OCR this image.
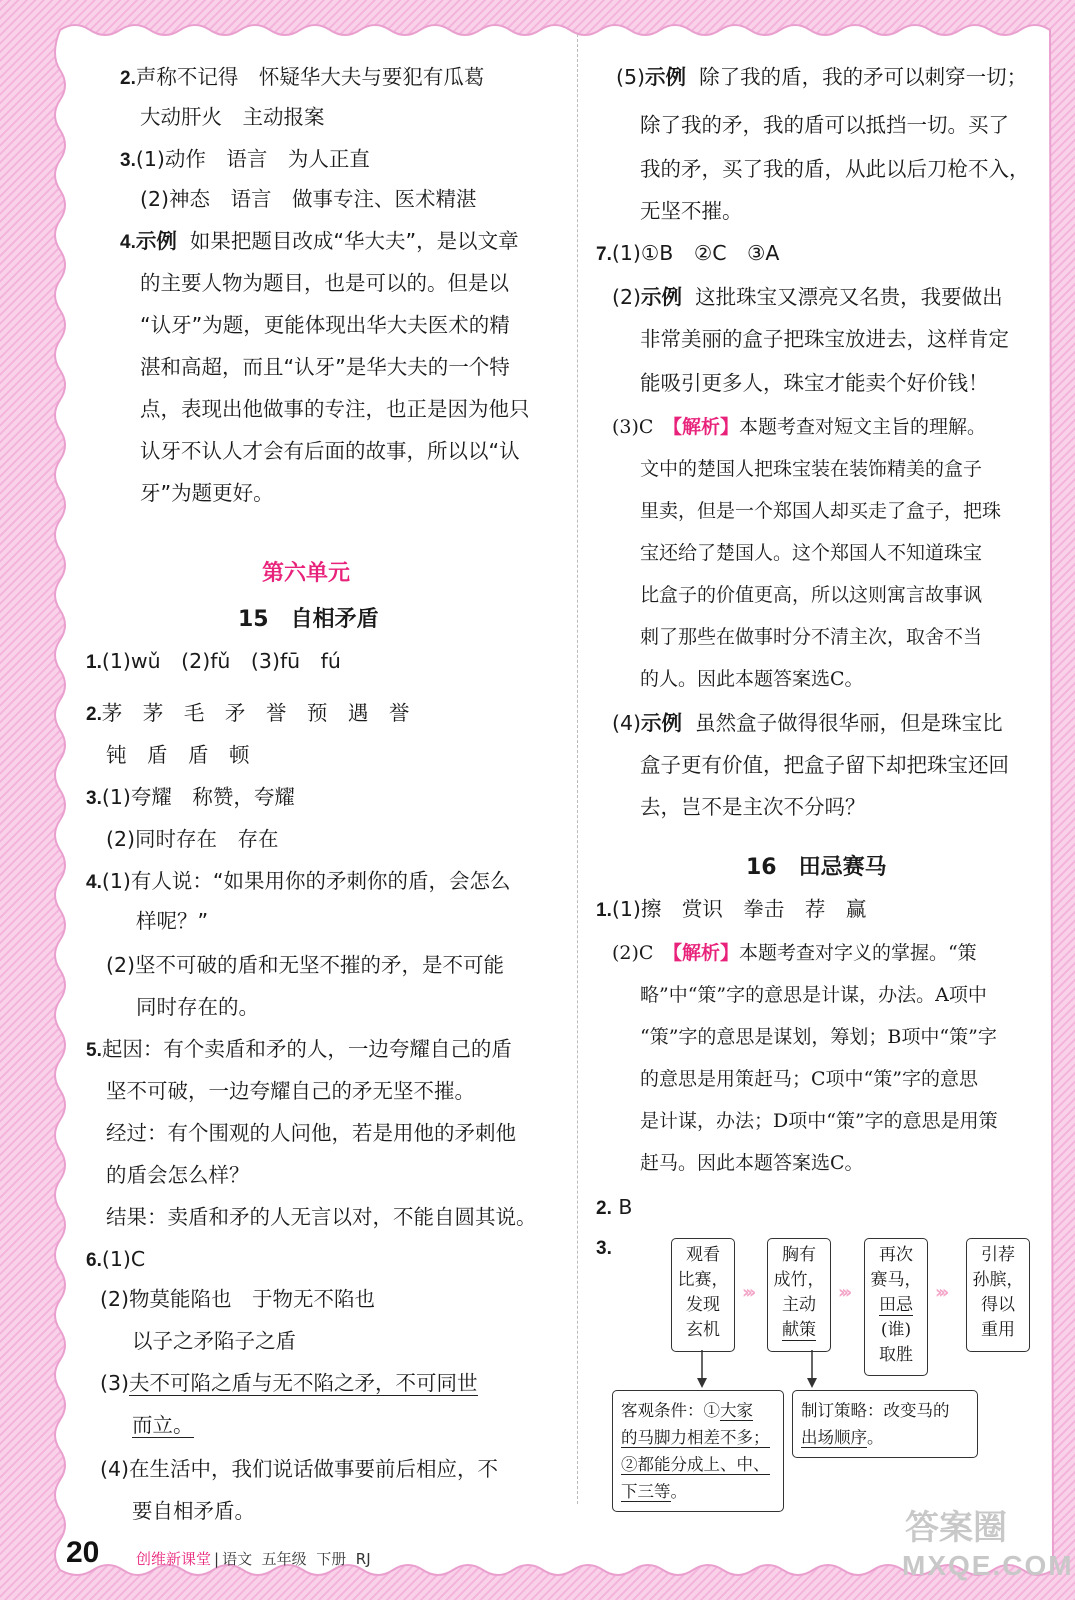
2.声称不记得　怀疑华大夫与要犯有瓜葛
大动肝火　主动报案
3.(1)动作　语言　为人正直
(2)神态　语言　做事专注、医术精湛
4.示例 如果把题目改成“华大夫”，是以文章
的主要人物为题目，也是可以的。但是以
“认牙”为题，更能体现出华大夫医术的精
湛和高超，而且“认牙”是华大夫的一个特
点，表现出他做事的专注，也正是因为他只
认牙不认人才会有后面的故事，所以以“认
牙”为题更好。
第六单元
15　自相矛盾
1.(1)wǔ　(2)fǔ　(3)fū　fú
2.茅　茅　毛　矛　誉　预　遇　誉
钝　盾　盾　顿
3.(1)夸耀　称赞，夸耀
(2)同时存在　存在
4.(1)有人说：“如果用你的矛刺你的盾，会怎么
样呢？”
(2)坚不可破的盾和无坚不摧的矛，是不可能
同时存在的。
5.起因：有个卖盾和矛的人，一边夸耀自己的盾
坚不可破，一边夸耀自己的矛无坚不摧。
经过：有个围观的人问他，若是用他的矛刺他
的盾会怎么样？
结果：卖盾和矛的人无言以对，不能自圆其说。
6.(1)C
(2)物莫能陷也　于物无不陷也
以子之矛陷子之盾
(3)夫不可陷之盾与无不陷之矛，不可同世
而立。
(4)在生活中，我们说话做事要前后相应，不
要自相矛盾。
(5)示例 除了我的盾，我的矛可以刺穿一切；
除了我的矛，我的盾可以抵挡一切。买了
我的矛，买了我的盾，从此以后刀枪不入，
无坚不摧。
7.(1)①B　②C　③A
(2)示例 这批珠宝又漂亮又名贵，我要做出
非常美丽的盒子把珠宝放进去，这样肯定
能吸引更多人，珠宝才能卖个好价钱！
(3)C　【解析】本题考查对短文主旨的理解。
文中的楚国人把珠宝装在装饰精美的盒子
里卖，但是一个郑国人却买走了盒子，把珠
宝还给了楚国人。这个郑国人不知道珠宝
比盒子的价值更高，所以这则寓言故事讽
刺了那些在做事时分不清主次，取舍不当
的人。因此本题答案选C。
(4)示例 虽然盒子做得很华丽，但是珠宝比
盒子更有价值，把盒子留下却把珠宝还回
去，岂不是主次不分吗？
16　田忌赛马
1.(1)擦　赏识　拳击　荐　赢
(2)C　【解析】本题考查对字义的掌握。“策
略”中“策”字的意思是计谋，办法。A项中
“策”字的意思是谋划，筹划；B项中“策”字
的意思是用策赶马；C项中“策”字的意思
是计谋，办法；D项中“策”字的意思是用策
赶马。因此本题答案选C。
2. B
3.	观看
比赛，
发现
玄机
›››
胸有
成竹，
主动
献策
›››
再次
赛马，
田忌
(谁)
取胜
›››
引荐
孙膑，
得以
重用
客观条件：①大家
的马脚力相差不多；
②都能分成上、中、
下三等。
制订策略：改变马的
出场顺序。
20 创维新课堂 | 语文 五年级 下册 RJ
答案圈
MXQE.COM
